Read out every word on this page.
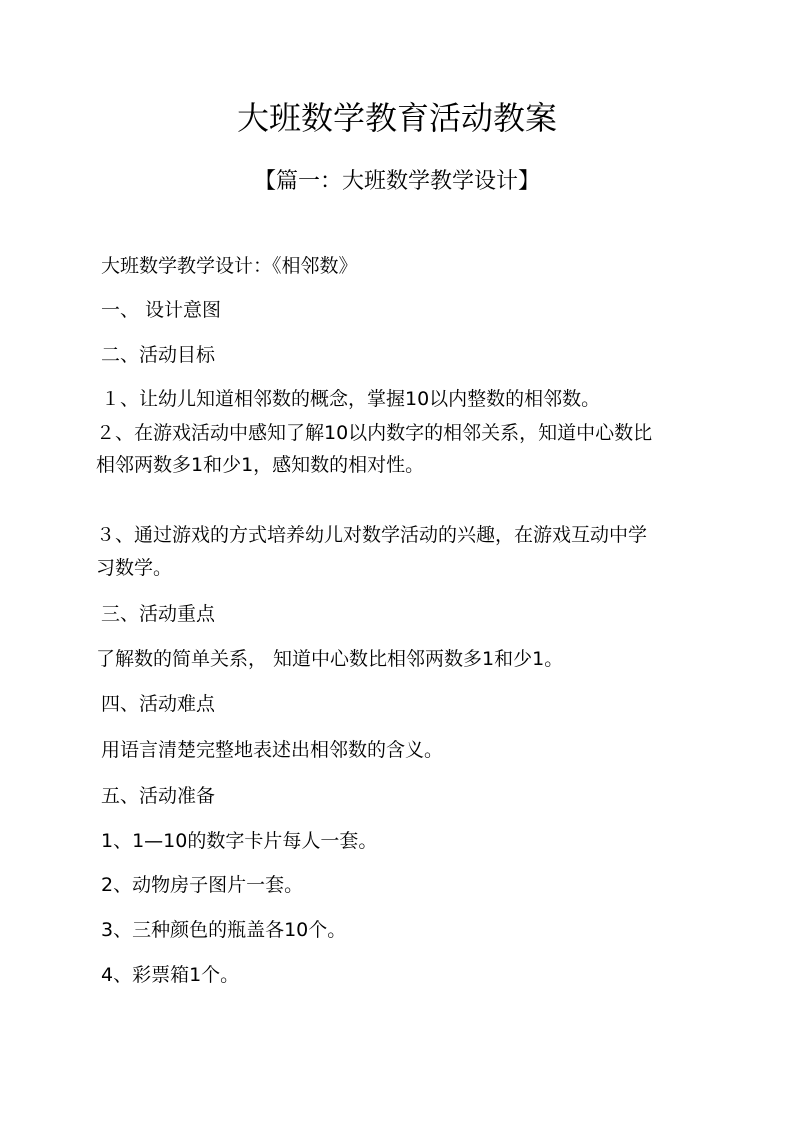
大班数学教育活动教案
【篇一：大班数学教学设计】
大班数学教学设计：《相邻数》
一、 设计意图
二、活动目标
１、让幼儿知道相邻数的概念，掌握10以内整数的相邻数。
２、在游戏活动中感知了解10以内数字的相邻关系，知道中心数比
相邻两数多1和少1，感知数的相对性。
３、通过游戏的方式培养幼儿对数学活动的兴趣，在游戏互动中学
习数学。
三、活动重点
了解数的简单关系， 知道中心数比相邻两数多1和少1。
四、活动难点
用语言清楚完整地表述出相邻数的含义。
五、活动准备
1、1—10的数字卡片每人一套。
2、动物房子图片一套。
3、三种颜色的瓶盖各10个。
4、彩票箱1个。
